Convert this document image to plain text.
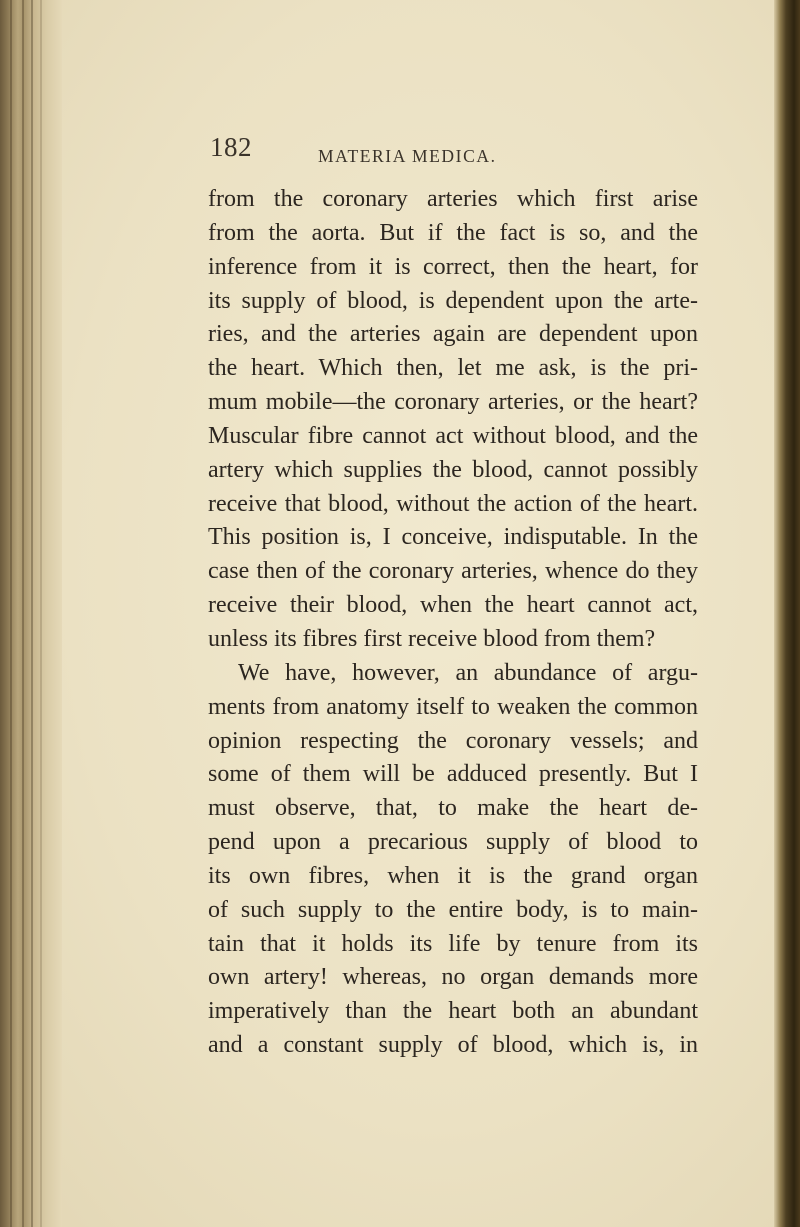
182	MATERIA MEDICA.
from the coronary arteries which first arise
from the aorta. But if the fact is so, and the
inference from it is correct, then the heart, for
its supply of blood, is dependent upon the arte-
ries, and the arteries again are dependent upon
the heart. Which then, let me ask, is the pri-
mum mobile—the coronary arteries, or the heart?
Muscular fibre cannot act without blood, and the
artery which supplies the blood, cannot possibly
receive that blood, without the action of the heart.
This position is, I conceive, indisputable. In the
case then of the coronary arteries, whence do they
receive their blood, when the heart cannot act,
unless its fibres first receive blood from them?
We have, however, an abundance of argu-
ments from anatomy itself to weaken the common
opinion respecting the coronary vessels; and
some of them will be adduced presently. But I
must observe, that, to make the heart de-
pend upon a precarious supply of blood to
its own fibres, when it is the grand organ
of such supply to the entire body, is to main-
tain that it holds its life by tenure from its
own artery! whereas, no organ demands more
imperatively than the heart both an abundant
and a constant supply of blood, which is, in
